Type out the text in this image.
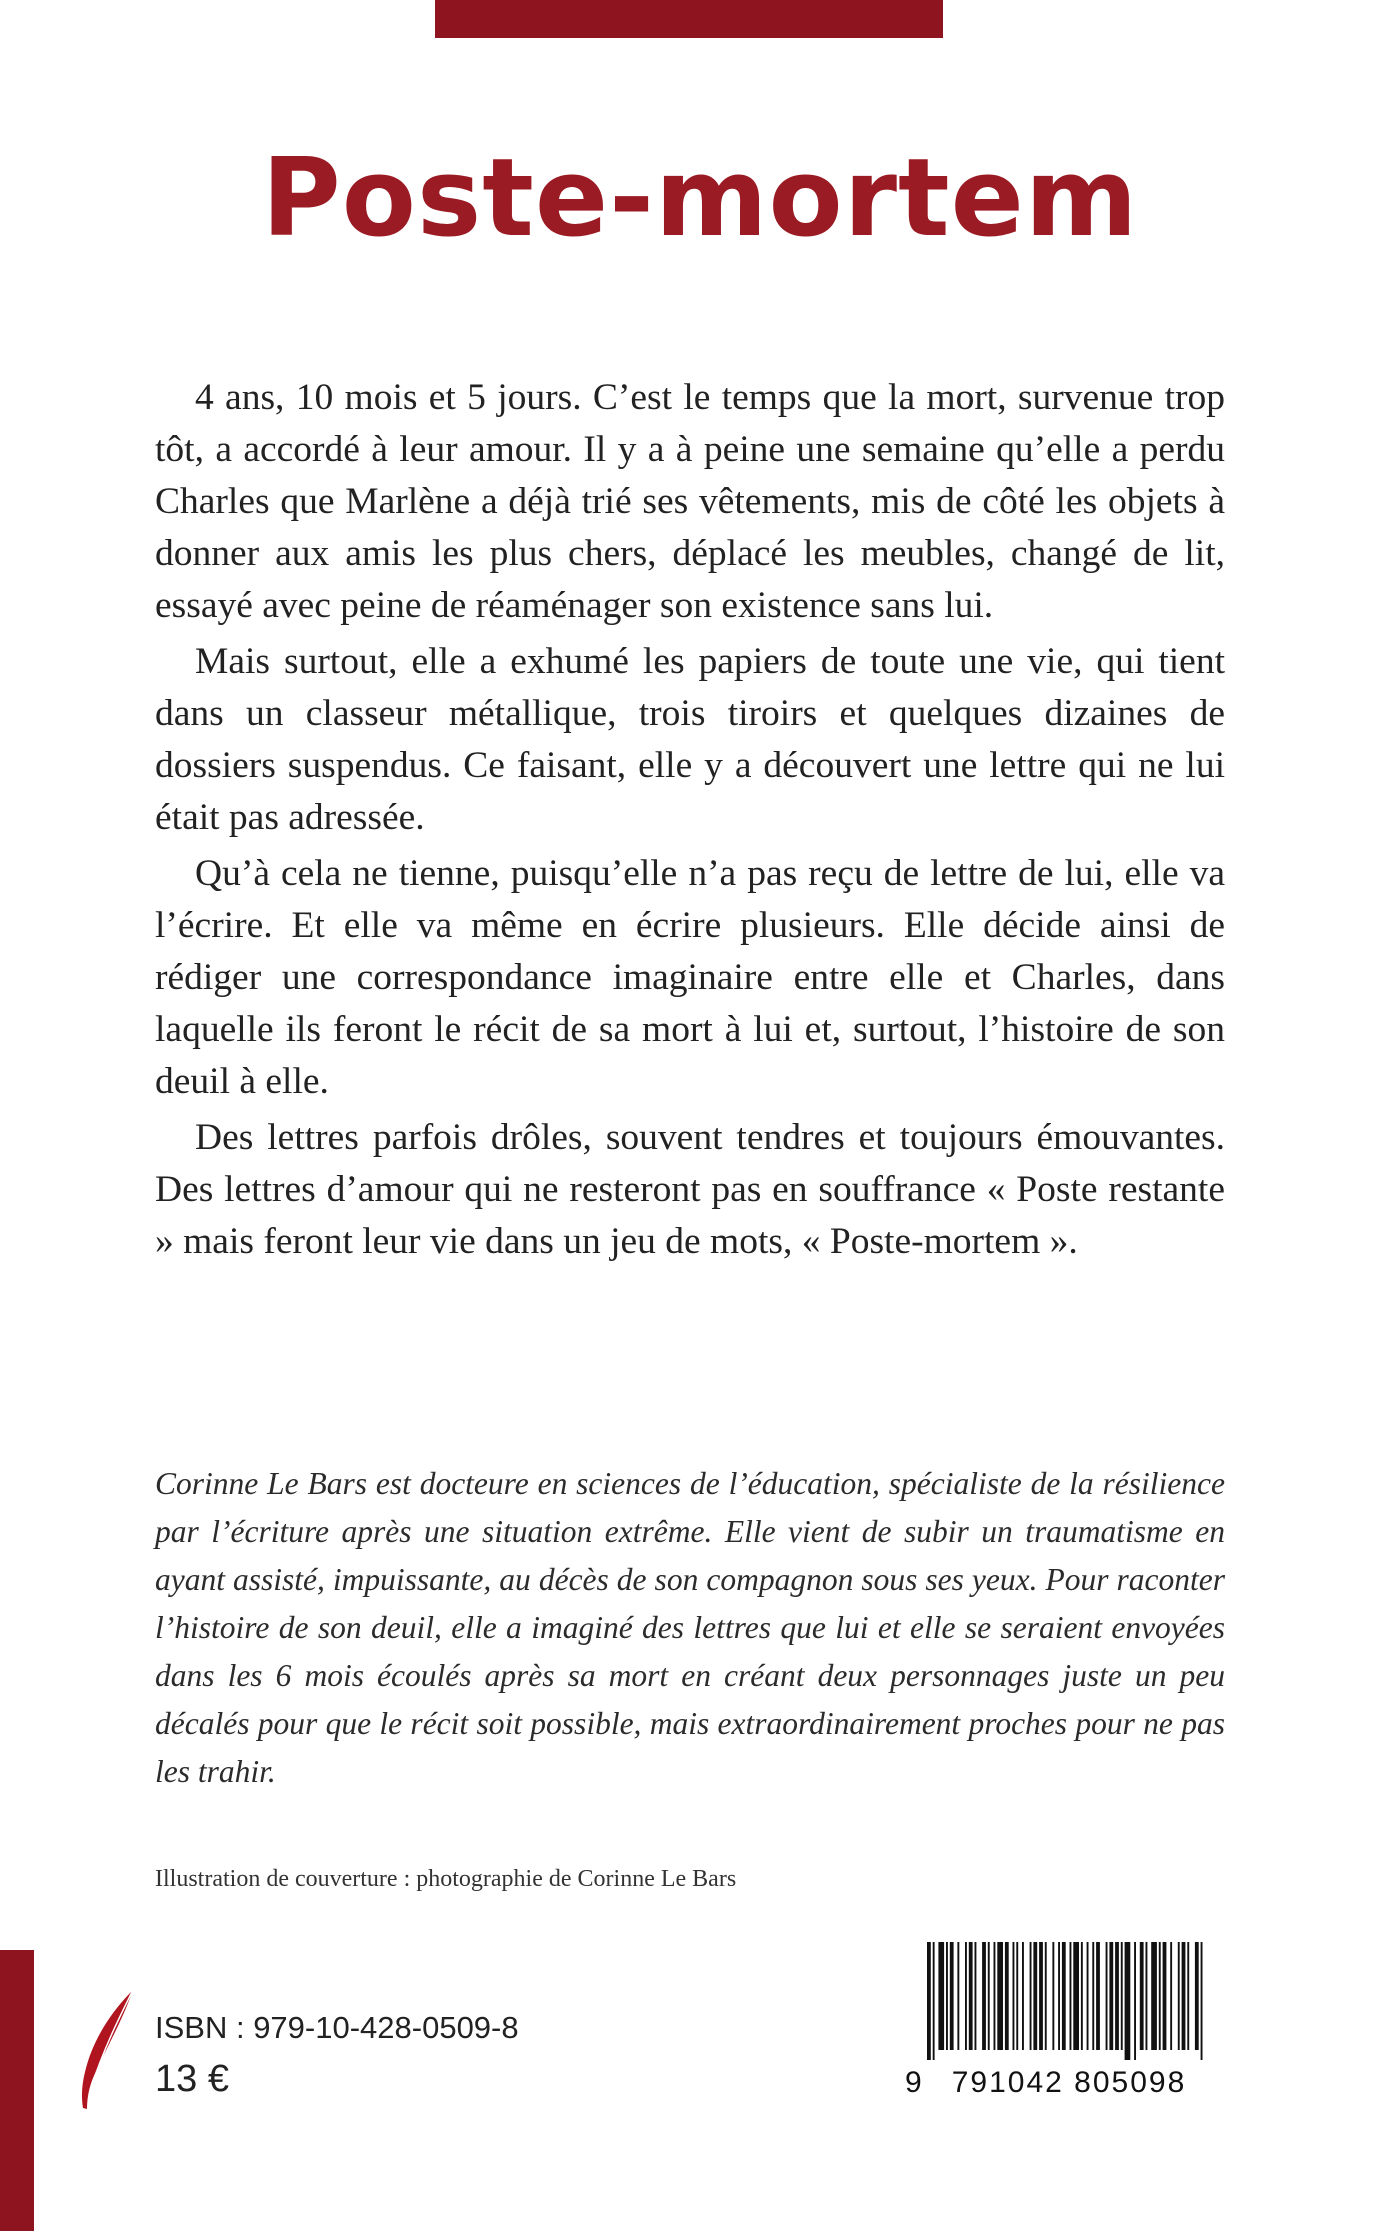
Poste-mortem

4 ans, 10 mois et 5 jours. C’est le temps que la mort, survenue trop tôt, a accordé à leur amour. Il y a à peine une semaine qu’elle a perdu Charles que Marlène a déjà trié ses vêtements, mis de côté les objets à donner aux amis les plus chers, déplacé les meubles, changé de lit, essayé avec peine de réaménager son existence sans lui.

Mais surtout, elle a exhumé les papiers de toute une vie, qui tient dans un classeur métallique, trois tiroirs et quelques dizaines de dossiers suspendus. Ce faisant, elle y a découvert une lettre qui ne lui était pas adressée.

Qu’à cela ne tienne, puisqu’elle n’a pas reçu de lettre de lui, elle va l’écrire. Et elle va même en écrire plusieurs. Elle décide ainsi de rédiger une correspondance imaginaire entre elle et Charles, dans laquelle ils feront le récit de sa mort à lui et, surtout, l’histoire de son deuil à elle.

Des lettres parfois drôles, souvent tendres et toujours émouvantes. Des lettres d’amour qui ne resteront pas en souffrance « Poste restante » mais feront leur vie dans un jeu de mots, « Poste-mortem ».

Corinne Le Bars est docteure en sciences de l’éducation, spécialiste de la résilience par l’écriture après une situation extrême. Elle vient de subir un traumatisme en ayant assisté, impuissante, au décès de son compagnon sous ses yeux. Pour raconter l’histoire de son deuil, elle a imaginé des lettres que lui et elle se seraient envoyées dans les 6 mois écoulés après sa mort en créant deux personnages juste un peu décalés pour que le récit soit possible, mais extraordinairement proches pour ne pas les trahir.

Illustration de couverture : photographie de Corinne Le Bars
ISBN : 979-10-428-0509-8
13 €	9	791042 805098
